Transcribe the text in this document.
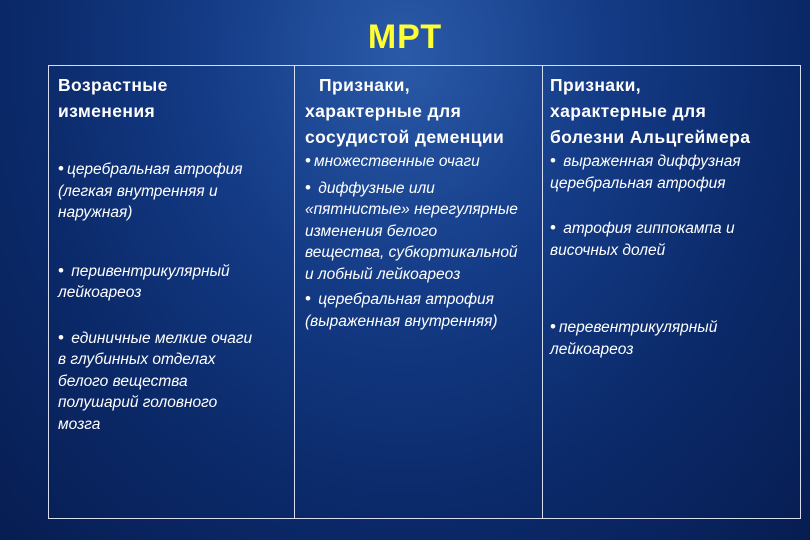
МРТ
Возрастные
изменения
• церебральная атрофия
(легкая внутренняя и
наружная)
• перивентрикулярный
лейкоареоз
• единичные мелкие очаги
в глубинных отделах
белого вещества
полушарий головного
мозга
Признаки,
характерные для
сосудистой деменции
• множественные очаги
• диффузные или
«пятнистые» нерегулярные
изменения белого
вещества, субкортикальной
и лобный лейкоареоз
• церебральная атрофия
(выраженная внутренняя)
Признаки,
характерные для
болезни Альцгеймера
• выраженная диффузная
церебральная атрофия
• атрофия гиппокампа и
височных долей
• перевентрикулярный
лейкоареоз
